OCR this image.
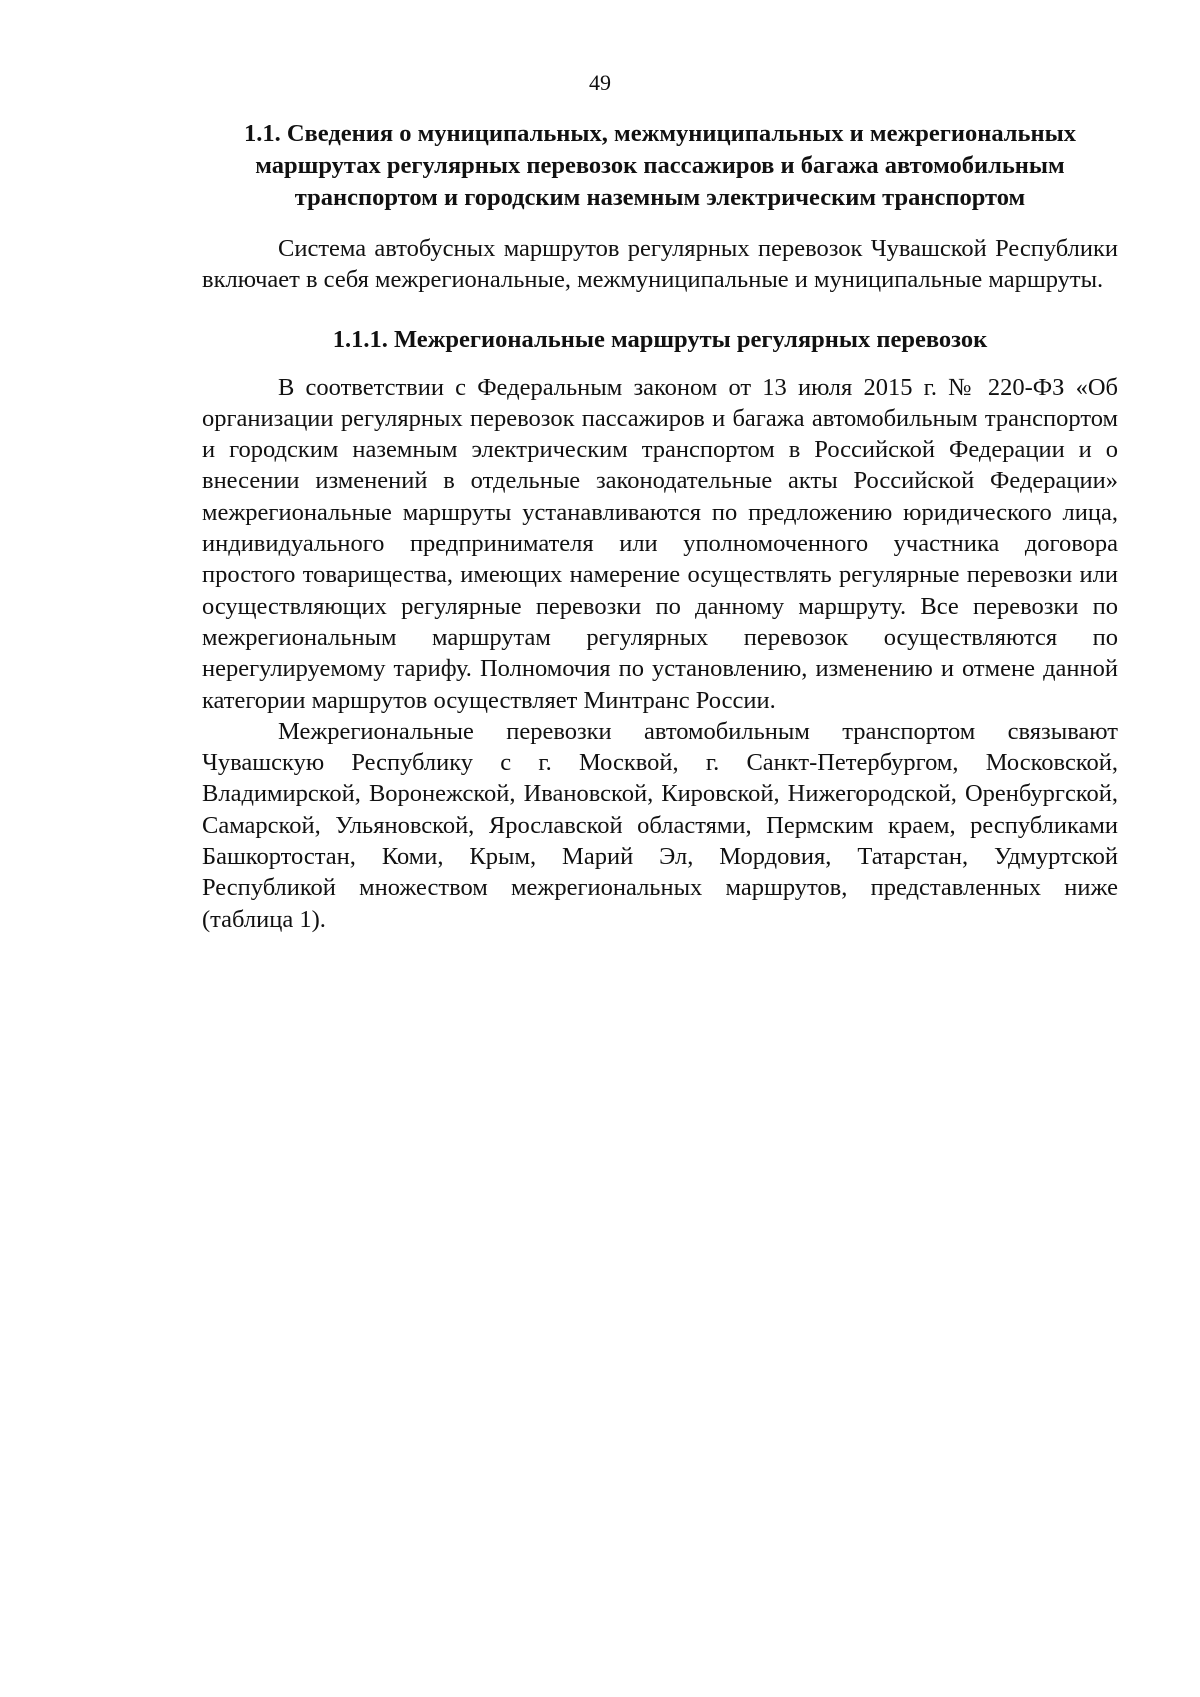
49
1.1. Сведения о муниципальных, межмуниципальных и межрегиональных маршрутах регулярных перевозок пассажиров и багажа автомобильным транспортом и городским наземным электрическим транспортом

Система автобусных маршрутов регулярных перевозок Чувашской Республики включает в себя межрегиональные, межмуниципальные и муниципальные маршруты.

1.1.1. Межрегиональные маршруты регулярных перевозок

В соответствии с Федеральным законом от 13 июля 2015 г. № 220-ФЗ «Об организации регулярных перевозок пассажиров и багажа автомобильным транспортом и городским наземным электрическим транспортом в Российской Федерации и о внесении изменений в отдельные законодательные акты Российской Федерации» межрегиональные маршруты устанавливаются по предложению юридического лица, индивидуального предпринимателя или уполномоченного участника договора простого товарищества, имеющих намерение осуществлять регулярные перевозки или осуществляющих регулярные перевозки по данному маршруту. Все перевозки по межрегиональным маршрутам регулярных перевозок осуществляются по нерегулируемому тарифу. Полномочия по установлению, изменению и отмене данной категории маршрутов осуществляет Минтранс России.

Межрегиональные перевозки автомобильным транспортом связывают Чувашскую Республику с г. Москвой, г. Санкт-Петербургом, Московской, Владимирской, Воронежской, Ивановской, Кировской, Нижегородской, Оренбургской, Самарской, Ульяновской, Ярославской областями, Пермским краем, республиками Башкортостан, Коми, Крым, Марий Эл, Мордовия, Татарстан, Удмуртской Республикой множеством межрегиональных маршрутов, представленных ниже (таблица 1).
